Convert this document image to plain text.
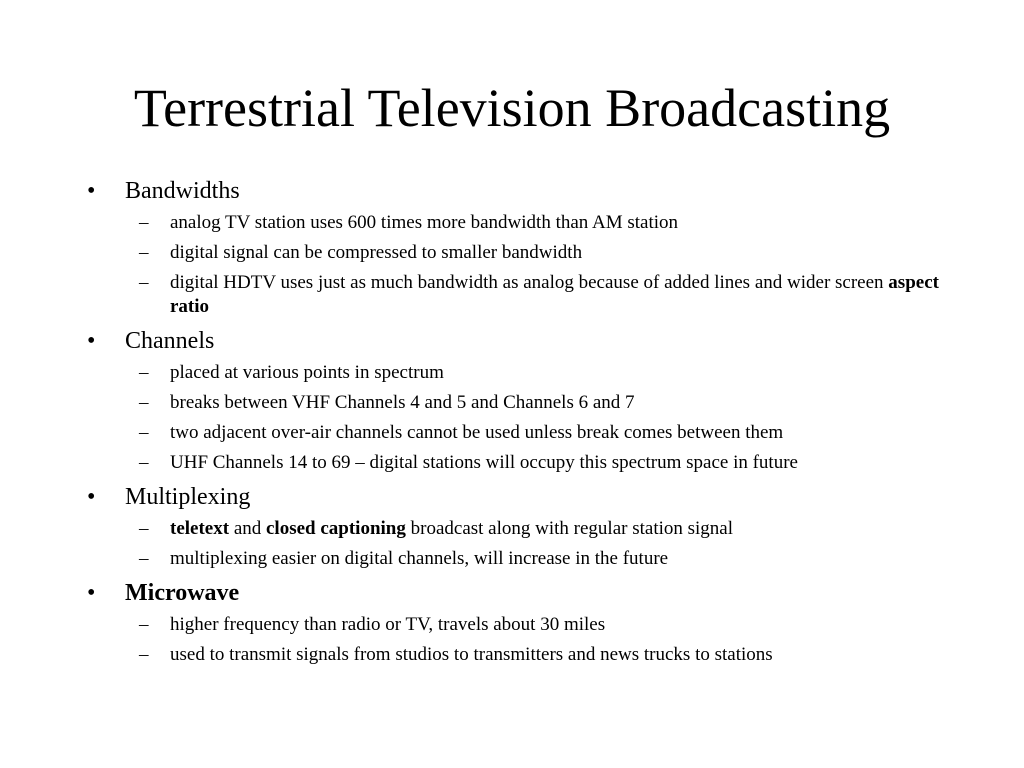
Terrestrial Television Broadcasting
• Bandwidths
– analog TV station uses 600 times more bandwidth than AM station
– digital signal can be compressed to smaller bandwidth
– digital HDTV uses just as much bandwidth as analog because of added lines and wider screen aspect ratio
• Channels
– placed at various points in spectrum
– breaks between VHF Channels 4 and 5 and Channels 6 and 7
– two adjacent over-air channels cannot be used unless break comes between them
– UHF Channels 14 to 69 – digital stations will occupy this spectrum space in future
• Multiplexing
– teletext and closed captioning broadcast along with regular station signal
– multiplexing easier on digital channels, will increase in the future
• Microwave
– higher frequency than radio or TV, travels about 30 miles
– used to transmit signals from studios to transmitters and news trucks to stations
